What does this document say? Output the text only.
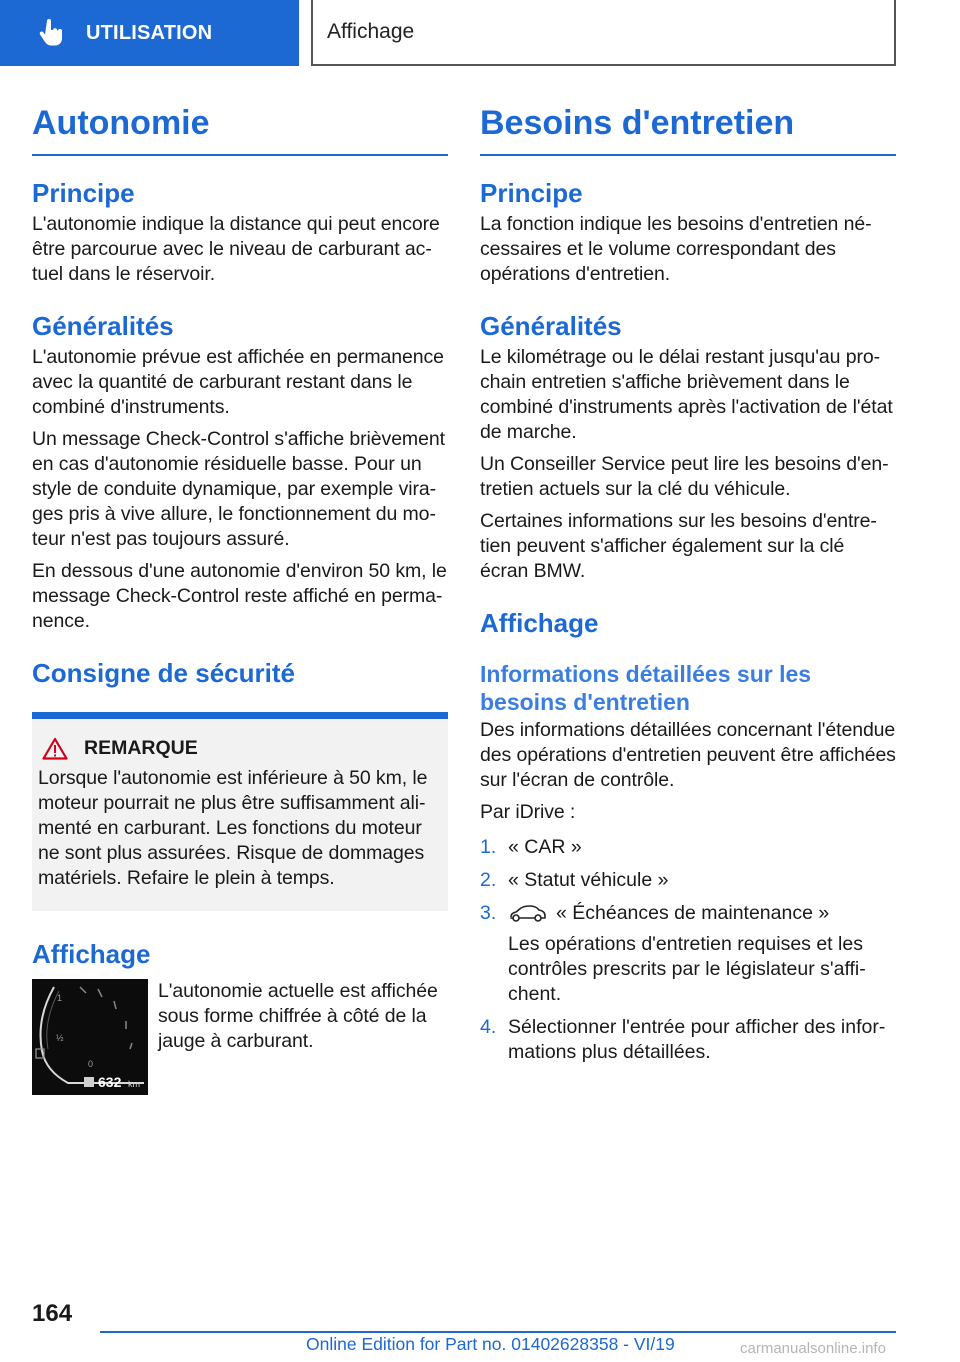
UTILISATION	Affichage
Autonomie
Principe

L'autonomie indique la distance qui peut encore être parcourue avec le niveau de carburant actuel dans le réservoir.

Généralités

L'autonomie prévue est affichée en permanence avec la quantité de carburant restant dans le combiné d'instruments.

Un message Check-Control s'affiche brièvement en cas d'autonomie résiduelle basse. Pour un style de conduite dynamique, par exemple virages pris à vive allure, le fonctionnement du moteur n'est pas toujours assuré.

En dessous d'une autonomie d'environ 50 km, le message Check-Control reste affiché en permanence.

Consigne de sécurité
REMARQUE

Lorsque l'autonomie est inférieure à 50 km, le moteur pourrait ne plus être suffisamment alimenté en carburant. Les fonctions du moteur ne sont plus assurées. Risque de dommages matériels. Refaire le plein à temps.

Affichage
1
½
0
632 km

L'autonomie actuelle est affichée sous forme chiffrée à côté de la jauge à carburant.

Besoins d'entretien
Principe

La fonction indique les besoins d'entretien nécessaires et le volume correspondant des opérations d'entretien.

Généralités

Le kilométrage ou le délai restant jusqu'au prochain entretien s'affiche brièvement dans le combiné d'instruments après l'activation de l'état de marche.

Un Conseiller Service peut lire les besoins d'entretien actuels sur la clé du véhicule.

Certaines informations sur les besoins d'entretien peuvent s'afficher également sur la clé écran BMW.

Affichage
Informations détaillées sur les besoins d'entretien

Des informations détaillées concernant l'étendue des opérations d'entretien peuvent être affichées sur l'écran de contrôle.

Par iDrive :

1. « CAR »
2. « Statut véhicule »
3.	« Échéances de maintenance »
Les opérations d'entretien requises et les contrôles prescrits par le législateur s'affichent.
4. Sélectionner l'entrée pour afficher des informations plus détaillées.
164
Online Edition for Part no. 01402628358 - VI/19	carmanualsonline.info
